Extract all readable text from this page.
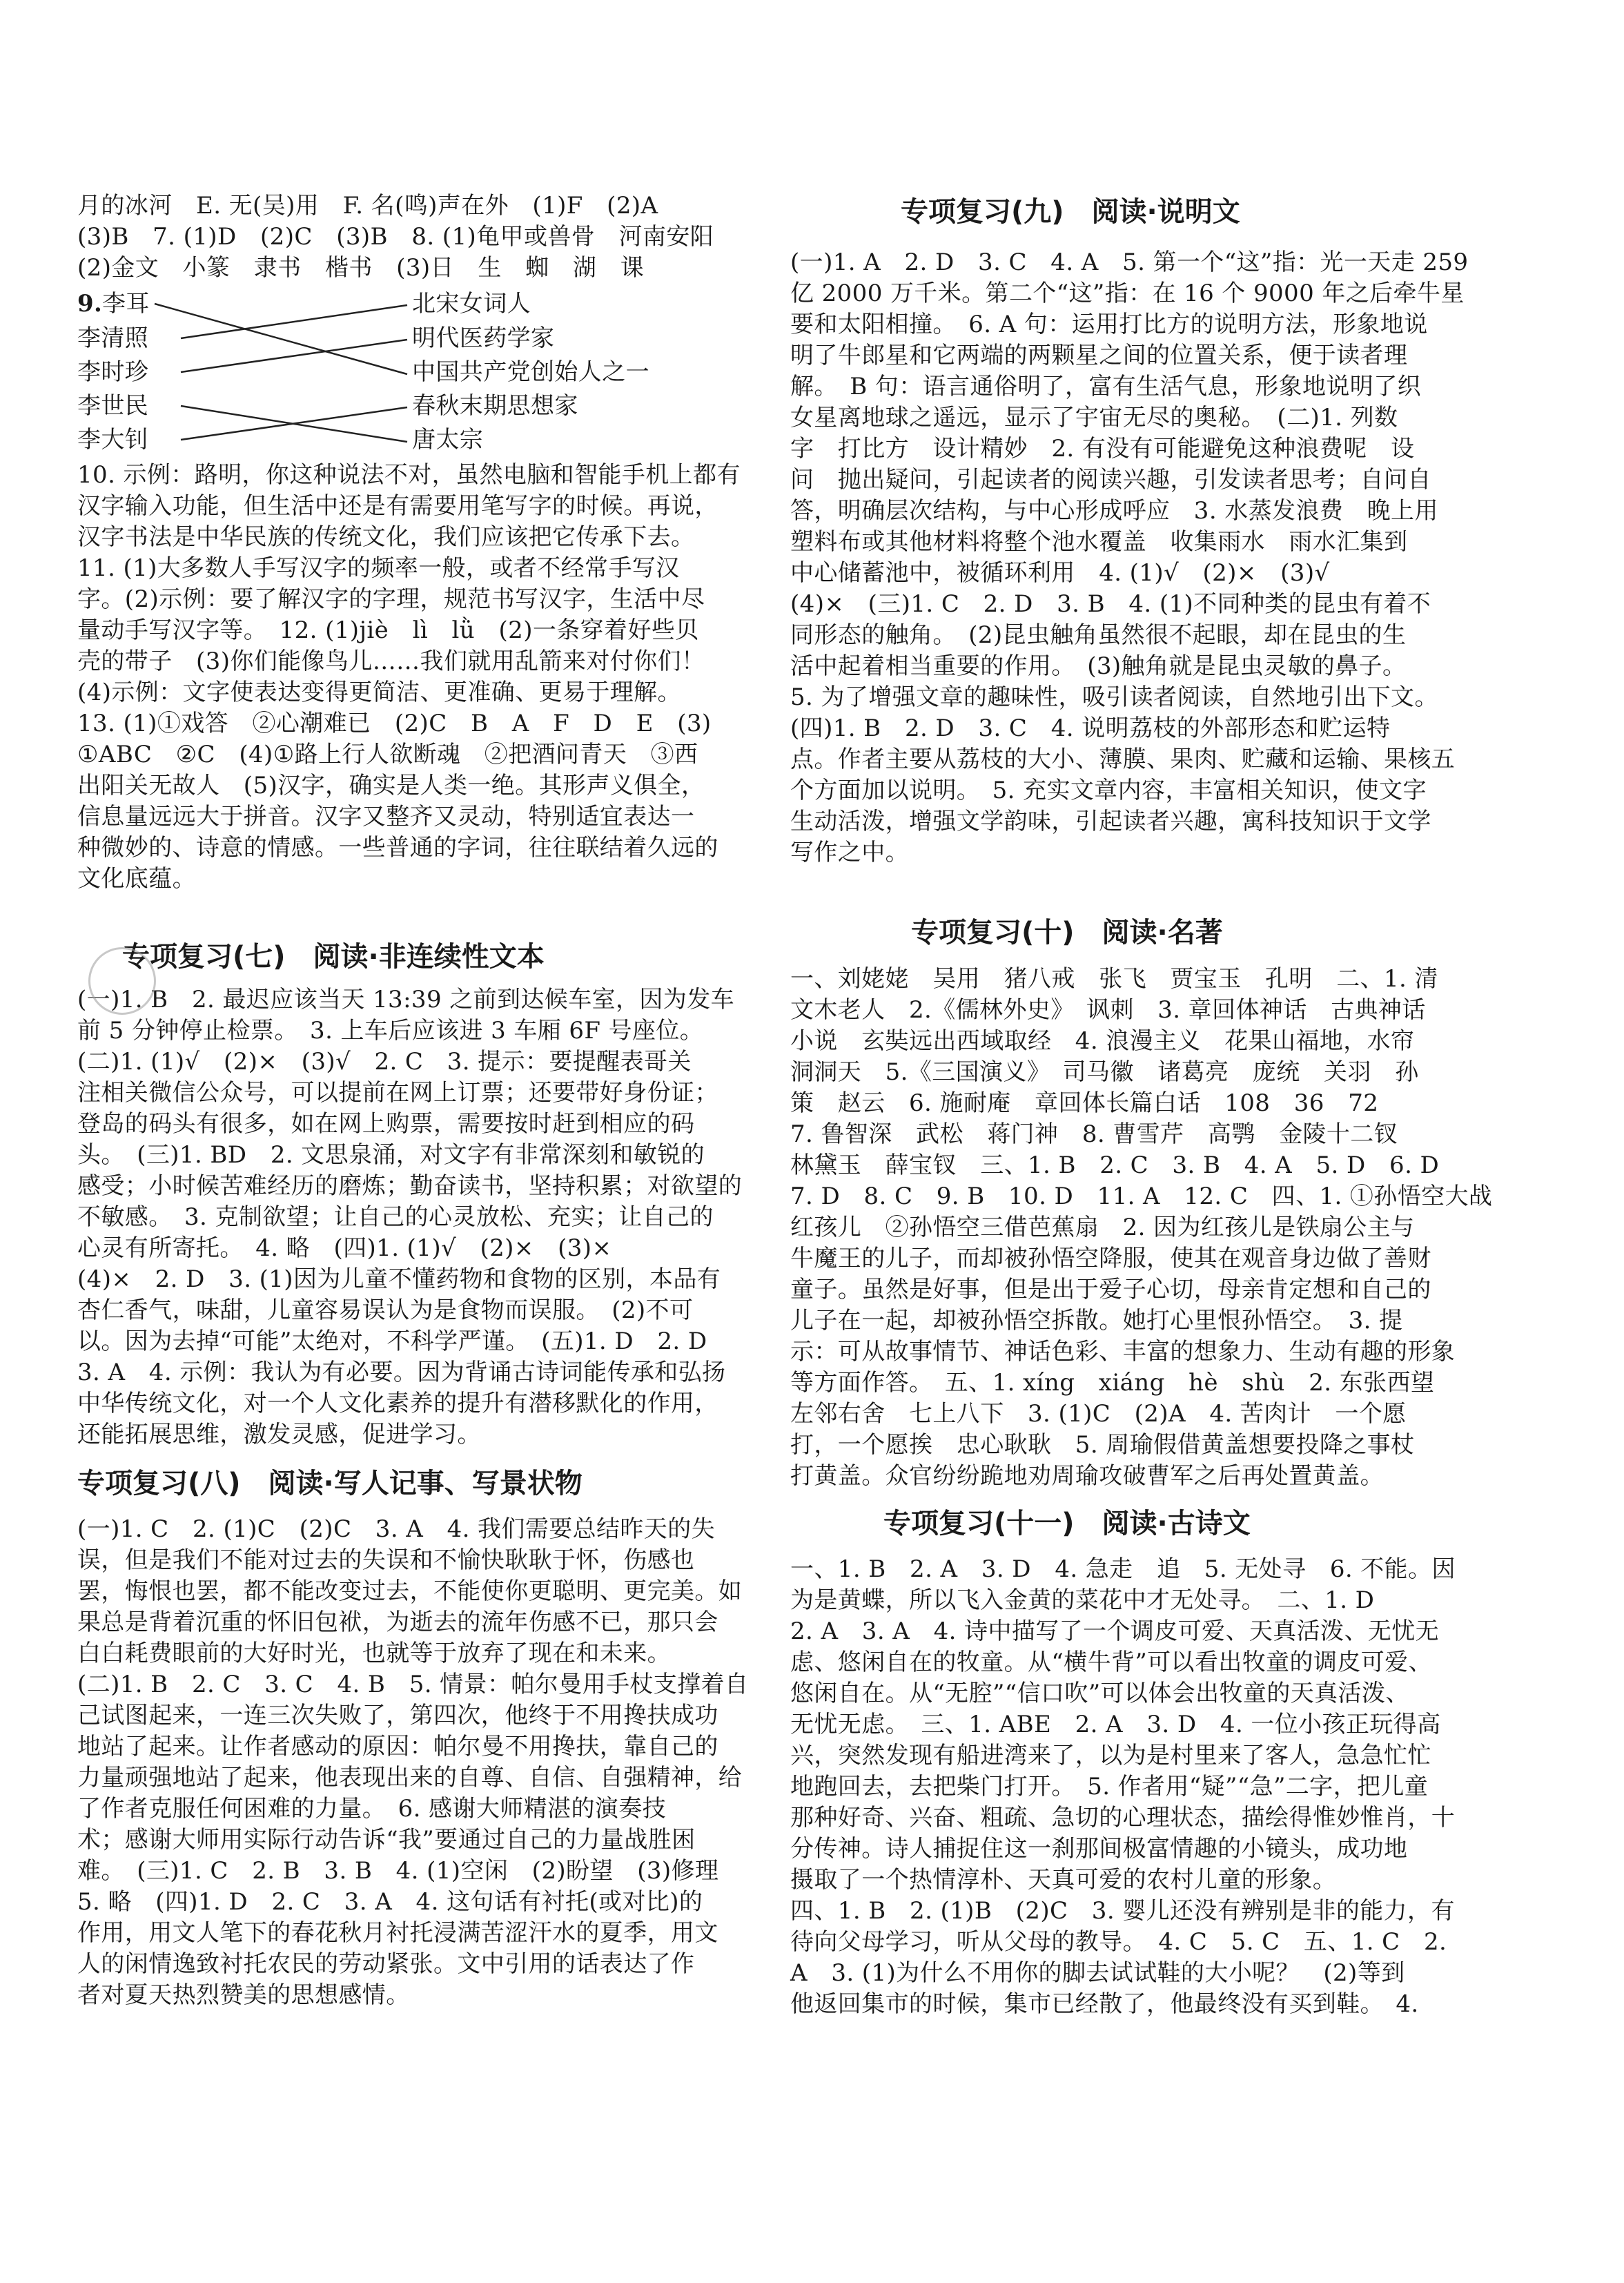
月的冰河　E. 无(吴)用　F. 名(鸣)声在外　(1)F　(2)A
(3)B　7. (1)D　(2)C　(3)B　8. (1)龟甲或兽骨　河南安阳
(2)金文　小篆　隶书　楷书　(3)日　生　蜘　湖　课
9. 李耳
李清照
李时珍
李世民
李大钊
北宋女词人
明代医药学家
中国共产党创始人之一
春秋末期思想家
唐太宗
10. 示例：路明，你这种说法不对，虽然电脑和智能手机上都有
汉字输入功能，但生活中还是有需要用笔写字的时候。再说，
汉字书法是中华民族的传统文化，我们应该把它传承下去。
11. (1)大多数人手写汉字的频率一般，或者不经常手写汉
字。(2)示例：要了解汉字的字理，规范书写汉字，生活中尽
量动手写汉字等。　12. (1)jiè　lì　lǜ　(2)一条穿着好些贝
壳的带子　(3)你们能像鸟儿……我们就用乱箭来对付你们！
(4)示例：文字使表达变得更简洁、更准确、更易于理解。
13. (1)①戏答　②心潮难已　(2)C　B　A　F　D　E　(3)
①ABC　②C　(4)①路上行人欲断魂　②把酒问青天　③西
出阳关无故人　(5)汉字，确实是人类一绝。其形声义俱全，
信息量远远大于拼音。汉字又整齐又灵动，特别适宜表达一
种微妙的、诗意的情感。一些普通的字词，往往联结着久远的
文化底蕴。
专项复习(七)　阅读·非连续性文本
(一)1. B　2. 最迟应该当天 13:39 之前到达候车室，因为发车
前 5 分钟停止检票。　3. 上车后应该进 3 车厢 6F 号座位。
(二)1. (1)√　(2)×　(3)√　2. C　3. 提示：要提醒表哥关
注相关微信公众号，可以提前在网上订票；还要带好身份证；
登岛的码头有很多，如在网上购票，需要按时赶到相应的码
头。　(三)1. BD　2. 文思泉涌，对文字有非常深刻和敏锐的
感受；小时候苦难经历的磨炼；勤奋读书，坚持积累；对欲望的
不敏感。　3. 克制欲望；让自己的心灵放松、充实；让自己的
心灵有所寄托。　4. 略　(四)1. (1)√　(2)×　(3)×
(4)×　2. D　3. (1)因为儿童不懂药物和食物的区别，本品有
杏仁香气，味甜，儿童容易误认为是食物而误服。　(2)不可
以。因为去掉“可能”太绝对，不科学严谨。　(五)1. D　2. D
3. A　4. 示例：我认为有必要。因为背诵古诗词能传承和弘扬
中华传统文化，对一个人文化素养的提升有潜移默化的作用，
还能拓展思维，激发灵感，促进学习。
专项复习(八)　阅读·写人记事、写景状物
(一)1. C　2. (1)C　(2)C　3. A　4. 我们需要总结昨天的失
误，但是我们不能对过去的失误和不愉快耿耿于怀，伤感也
罢，悔恨也罢，都不能改变过去，不能使你更聪明、更完美。如
果总是背着沉重的怀旧包袱，为逝去的流年伤感不已，那只会
白白耗费眼前的大好时光，也就等于放弃了现在和未来。
(二)1. B　2. C　3. C　4. B　5. 情景：帕尔曼用手杖支撑着自
己试图起来，一连三次失败了，第四次，他终于不用搀扶成功
地站了起来。让作者感动的原因：帕尔曼不用搀扶，靠自己的
力量顽强地站了起来，他表现出来的自尊、自信、自强精神，给
了作者克服任何困难的力量。　6. 感谢大师精湛的演奏技
术；感谢大师用实际行动告诉“我”要通过自己的力量战胜困
难。　(三)1. C　2. B　3. B　4. (1)空闲　(2)盼望　(3)修理
5. 略　(四)1. D　2. C　3. A　4. 这句话有衬托(或对比)的
作用，用文人笔下的春花秋月衬托浸满苦涩汗水的夏季，用文
人的闲情逸致衬托农民的劳动紧张。文中引用的话表达了作
者对夏天热烈赞美的思想感情。
专项复习(九)　阅读·说明文
(一)1. A　2. D　3. C　4. A　5. 第一个“这”指：光一天走 259
亿 2000 万千米。第二个“这”指：在 16 个 9000 年之后牵牛星
要和太阳相撞。　6. A 句：运用打比方的说明方法，形象地说
明了牛郎星和它两端的两颗星之间的位置关系，便于读者理
解。　B 句：语言通俗明了，富有生活气息，形象地说明了织
女星离地球之遥远，显示了宇宙无尽的奥秘。　(二)1. 列数
字　打比方　设计精妙　2. 有没有可能避免这种浪费呢　设
问　抛出疑问，引起读者的阅读兴趣，引发读者思考；自问自
答，明确层次结构，与中心形成呼应　3. 水蒸发浪费　晚上用
塑料布或其他材料将整个池水覆盖　收集雨水　雨水汇集到
中心储蓄池中，被循环利用　4. (1)√　(2)×　(3)√
(4)×　(三)1. C　2. D　3. B　4. (1)不同种类的昆虫有着不
同形态的触角。　(2)昆虫触角虽然很不起眼，却在昆虫的生
活中起着相当重要的作用。　(3)触角就是昆虫灵敏的鼻子。
5. 为了增强文章的趣味性，吸引读者阅读，自然地引出下文。
(四)1. B　2. D　3. C　4. 说明荔枝的外部形态和贮运特
点。作者主要从荔枝的大小、薄膜、果肉、贮藏和运输、果核五
个方面加以说明。　5. 充实文章内容，丰富相关知识，使文字
生动活泼，增强文学韵味，引起读者兴趣，寓科技知识于文学
写作之中。
专项复习(十)　阅读·名著
一、刘姥姥　吴用　猪八戒　张飞　贾宝玉　孔明　二、1. 清
文木老人　2.《儒林外史》　讽刺　3. 章回体神话　古典神话
小说　玄奘远出西域取经　4. 浪漫主义　花果山福地，水帘
洞洞天　5.《三国演义》　司马徽　诸葛亮　庞统　关羽　孙
策　赵云　6. 施耐庵　章回体长篇白话　108　36　72
7. 鲁智深　武松　蒋门神　8. 曹雪芹　高鹗　金陵十二钗
林黛玉　薛宝钗　三、1. B　2. C　3. B　4. A　5. D　6. D
7. D　8. C　9. B　10. D　11. A　12. C　四、1. ①孙悟空大战
红孩儿　②孙悟空三借芭蕉扇　2. 因为红孩儿是铁扇公主与
牛魔王的儿子，而却被孙悟空降服，使其在观音身边做了善财
童子。虽然是好事，但是出于爱子心切，母亲肯定想和自己的
儿子在一起，却被孙悟空拆散。她打心里恨孙悟空。　3. 提
示：可从故事情节、神话色彩、丰富的想象力、生动有趣的形象
等方面作答。　五、1. xíng　xiáng　hè　shù　2. 东张西望
左邻右舍　七上八下　3. (1)C　(2)A　4. 苦肉计　一个愿
打，一个愿挨　忠心耿耿　5. 周瑜假借黄盖想要投降之事杖
打黄盖。众官纷纷跪地劝周瑜攻破曹军之后再处置黄盖。
专项复习(十一)　阅读·古诗文
一、1. B　2. A　3. D　4. 急走　追　5. 无处寻　6. 不能。因
为是黄蝶，所以飞入金黄的菜花中才无处寻。　二、1. D
2. A　3. A　4. 诗中描写了一个调皮可爱、天真活泼、无忧无
虑、悠闲自在的牧童。从“横牛背”可以看出牧童的调皮可爱、
悠闲自在。从“无腔”“信口吹”可以体会出牧童的天真活泼、
无忧无虑。　三、1. ABE　2. A　3. D　4. 一位小孩正玩得高
兴，突然发现有船进湾来了，以为是村里来了客人，急急忙忙
地跑回去，去把柴门打开。　5. 作者用“疑”“急”二字，把儿童
那种好奇、兴奋、粗疏、急切的心理状态，描绘得惟妙惟肖，十
分传神。诗人捕捉住这一刹那间极富情趣的小镜头，成功地
摄取了一个热情淳朴、天真可爱的农村儿童的形象。
四、1. B　2. (1)B　(2)C　3. 婴儿还没有辨别是非的能力，有
待向父母学习，听从父母的教导。　4. C　5. C　五、1. C　2.
A　3. (1)为什么不用你的脚去试试鞋的大小呢？　(2)等到
他返回集市的时候，集市已经散了，他最终没有买到鞋。　4.
